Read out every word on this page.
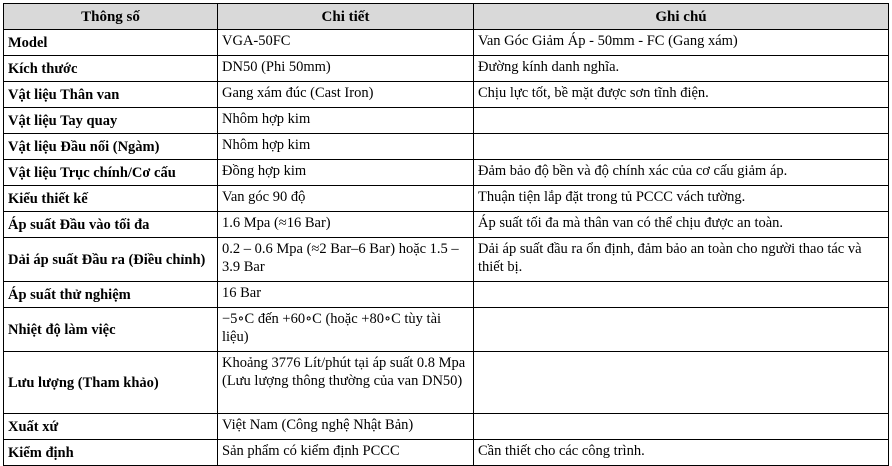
Thông số	Chi tiết	Ghi chú
Model	VGA-50FC	Van Góc Giảm Áp - 50mm - FC (Gang xám)
Kích thước	DN50 (Phi 50mm)	Đường kính danh nghĩa.
Vật liệu Thân van	Gang xám đúc (Cast Iron)	Chịu lực tốt, bề mặt được sơn tĩnh điện.
Vật liệu Tay quay	Nhôm hợp kim	
Vật liệu Đầu nối (Ngàm)	Nhôm hợp kim	
Vật liệu Trục chính/Cơ cấu	Đồng hợp kim	Đảm bảo độ bền và độ chính xác của cơ cấu giảm áp.
Kiểu thiết kế	Van góc 90 độ	Thuận tiện lắp đặt trong tủ PCCC vách tường.
Áp suất Đầu vào tối đa	1.6 Mpa (≈16 Bar)	Áp suất tối đa mà thân van có thể chịu được an toàn.
Dải áp suất Đầu ra (Điều chỉnh)	0.2 – 0.6 Mpa (≈2 Bar–6 Bar) hoặc 1.5 – 3.9 Bar	Dải áp suất đầu ra ổn định, đảm bảo an toàn cho người thao tác và thiết bị.
Áp suất thử nghiệm	16 Bar	
Nhiệt độ làm việc	−5∘C đến +60∘C (hoặc +80∘C tùy tài liệu)	
Lưu lượng (Tham khảo)	Khoảng 3776 Lít/phút tại áp suất 0.8 Mpa (Lưu lượng thông thường của van DN50)	
Xuất xứ	Việt Nam (Công nghệ Nhật Bản)	
Kiểm định	Sản phẩm có kiểm định PCCC	Cần thiết cho các công trình.
